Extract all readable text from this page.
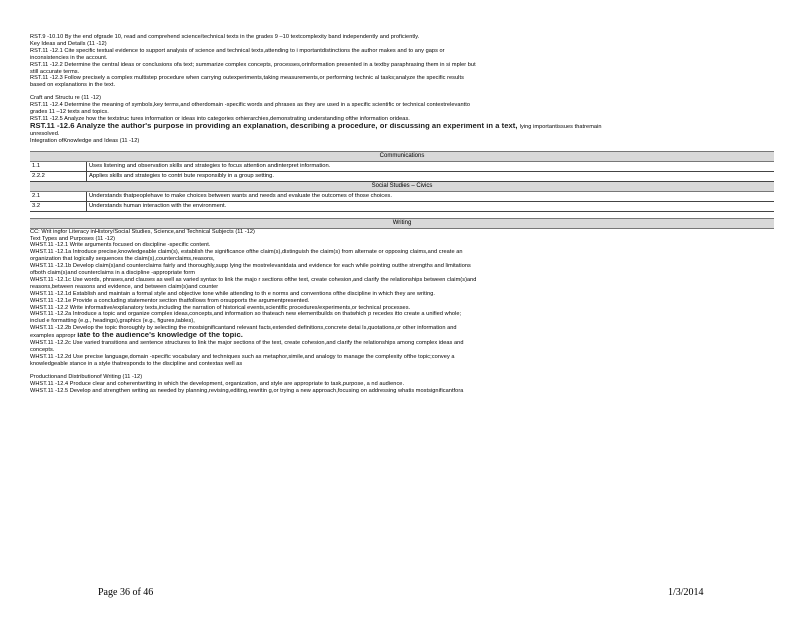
RST.9 -10.10 By the end ofgrade 10, read and comprehend science/technical texts in the grades 9 –10 textcomplexity band independently and proficiently.
Key Ideas and Details (11 -12)
RST.11 -12.1 Cite specific textual evidence to support analysis of science and technical texts,attending to i mportantdistinctions the author makes and to any gaps or
inconsistencies in the account.
RST.11 -12.2 Determine the central ideas or conclusions ofa text; summarize complex concepts, processes,orinformation presented in a textby paraphrasing them in si mpler but
still accurate terms.
RST.11 -12.3 Follow precisely a complex multistep procedure when carrying outexperiments,taking measurements,or performing technic al tasks;analyze the specific results
based on explanations in the text.
Craft and Structu re (11 -12)
RST.11 -12.4 Determine the meaning of symbols,key terms,and otherdomain -specific words and phrases as they are used in a specific scientific or technical contextrelevantto
grades 11 –12 texts and topics.
RST.11 -12.5 Analyze how the textstruc tures information or ideas into categories orhierarchies,demonstrating understanding ofthe information orideas.
RST.11 -12.6 Analyze the author's purpose in providing an explanation, describing a procedure, or discussing an experiment in a text, lying importantissues thatremain
unresolved.
Integration ofKnowledge and Ideas (11 -12)
Communications
1.1	Uses listening and observation skills and strategies to focus attention andinterpret information.
2.2.2	Applies skills and strategies to contri bute responsibly in a group setting.
Social Studies – Civics
2.1	Understands thatpeoplehave to make choices between wants and needs and evaluate the outcomes of those choices.
3.2	Understands human interaction with the environment.
Writing
CC: Writ ingfor Literacy inHistory/Social Studies, Science,and Technical Subjects (11 -12)
Text Types and Purposes (11 -12)
WHST.11 -12.1 Write arguments focused on discipline -specific content.
WHST.11 -12.1a Introduce precise,knowledgeable claim(s), establish the significance ofthe claim(s),distinguish the claim(s) from alternate or opposing claims,and create an
organization that logically sequences the claim(s),counterclaims,reasons,
WHST.11 -12.1b Develop claim(s)and counterclaims fairly and thoroughly,supp lying the mostrelevantdata and evidence for each while pointing outthe strengths and limitations
ofboth claim(s)and counterclaims in a discipline -appropriate form
WHST.11 -12.1c Use words, phrases,and clauses as well as varied syntax to link the majo r sections ofthe text, create cohesion,and clarify the relationships between claim(s)and
reasons,between reasons and evidence, and between claim(s)and counter
WHST.11 -12.1d Establish and maintain a formal style and objective tone while attending to th e norms and conventions ofthe discipline in which they are writing.
WHST.11 -12.1e Provide a concluding statementor section thatfollows from orsupports the argumentpresented.
WHST.11 -12.2 Write informative/explanatory texts,including the narration of historical events,scientific procedures/experiments,or technical processes.
WHST.11 -12.2a Introduce a topic and organize complex ideas,concepts,and information so thateach new elementbuilds on thatwhich p recedes itto create a unified whole;
includ e formatting (e.g., headings),graphics (e.g., figures,tables),
WHST.11 -12.2b Develop the topic thoroughly by selecting the mostsignificantand relevant facts,extended definitions,concrete detai ls,quotations,or other information and
examples appropr iate to the audience's knowledge of the topic.
WHST.11 -12.2c Use varied transitions and sentence structures to link the major sections of the text, create cohesion,and clarify the relationships among complex ideas and
concepts.
WHST.11 -12.2d Use precise language,domain -specific vocabulary and techniques such as metaphor,simile,and analogy to manage the complexity ofthe topic;convey a
knowledgeable stance in a style thatresponds to the discipline and contextas well as
Productionand Distributionof Writing (11 -12)
WHST.11 -12.4 Produce clear and coherentwriting in which the development, organization, and style are appropriate to task,purpose, a nd audience.
WHST.11 -12.5 Develop and strengthen writing as needed by planning,revising,editing,rewritin g,or trying a new approach,focusing on addressing whatis mostsignificantfora
Page 36 of 46	1/3/2014
